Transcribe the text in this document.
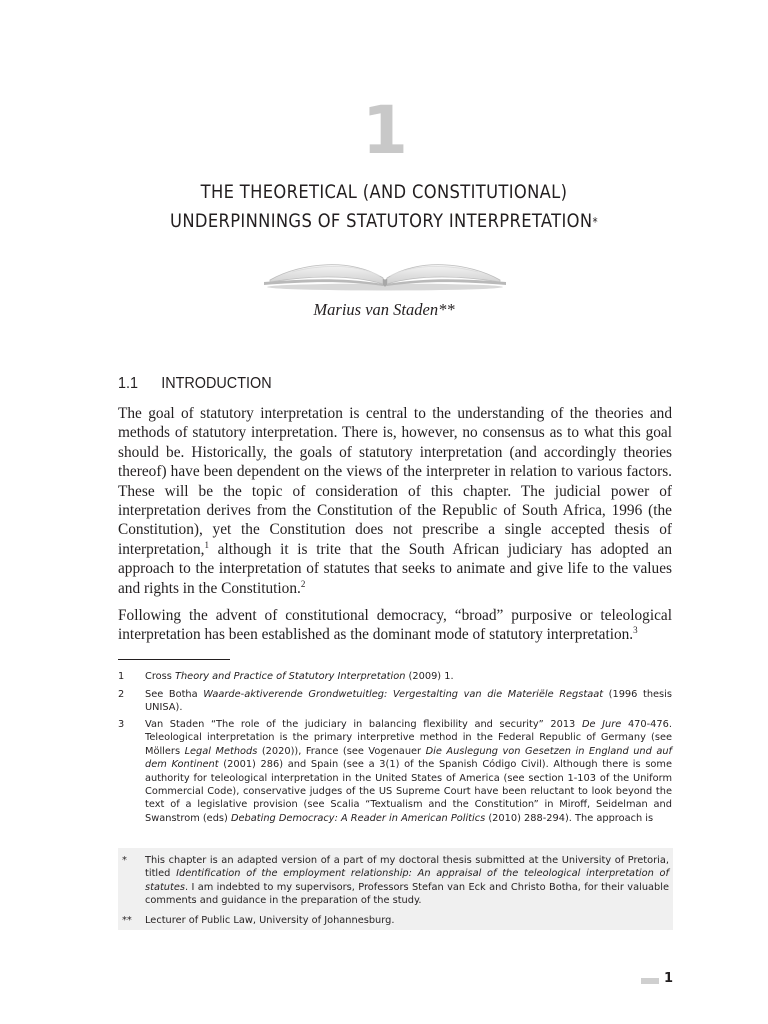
1
THE THEORETICAL (AND CONSTITUTIONAL)
UNDERPINNINGS OF STATUTORY INTERPRETATION*
Marius van Staden**
1.1 INTRODUCTION
The goal of statutory interpretation is central to the understanding of the theories and methods of statutory interpretation. There is, however, no consensus as to what this goal should be. Historically, the goals of statutory interpretation (and accordingly theories thereof) have been dependent on the views of the interpreter in relation to various factors. These will be the topic of consideration of this chapter. The judicial power of interpretation derives from the Constitution of the Republic of South Africa, 1996 (the Constitution), yet the Constitution does not prescribe a single accepted thesis of interpretation,$^1$ although it is trite that the South African judiciary has adopted an approach to the interpretation of statutes that seeks to animate and give life to the values and rights in the Constitution.$^2$
Following the advent of constitutional democracy, “broad” purposive or teleological interpretation has been established as the dominant mode of statutory interpretation.$^3$
1 Cross Theory and Practice of Statutory Interpretation (2009) 1.
2 See Botha Waarde-aktiverende Grondwetuitleg: Vergestalting van die Materiële Regstaat (1996 thesis UNISA).
3 Van Staden “The role of the judiciary in balancing flexibility and security” 2013 De Jure 470-476. Teleological interpretation is the primary interpretive method in the Federal Republic of Germany (see Möllers Legal Methods (2020)), France (see Vogenauer Die Auslegung von Gesetzen in England und auf dem Kontinent (2001) 286) and Spain (see a 3(1) of the Spanish Código Civil). Although there is some authority for teleological interpretation in the United States of America (see section 1-103 of the Uniform Commercial Code), conservative judges of the US Supreme Court have been reluctant to look beyond the text of a legislative provision (see Scalia “Textualism and the Constitution” in Miroff, Seidelman and Swanstrom (eds) Debating Democracy: A Reader in American Politics (2010) 288-294). The approach is
* This chapter is an adapted version of a part of my doctoral thesis submitted at the University of Pretoria, titled Identification of the employment relationship: An appraisal of the teleological interpretation of statutes. I am indebted to my supervisors, Professors Stefan van Eck and Christo Botha, for their valuable comments and guidance in the preparation of the study.
** Lecturer of Public Law, University of Johannesburg.
1
